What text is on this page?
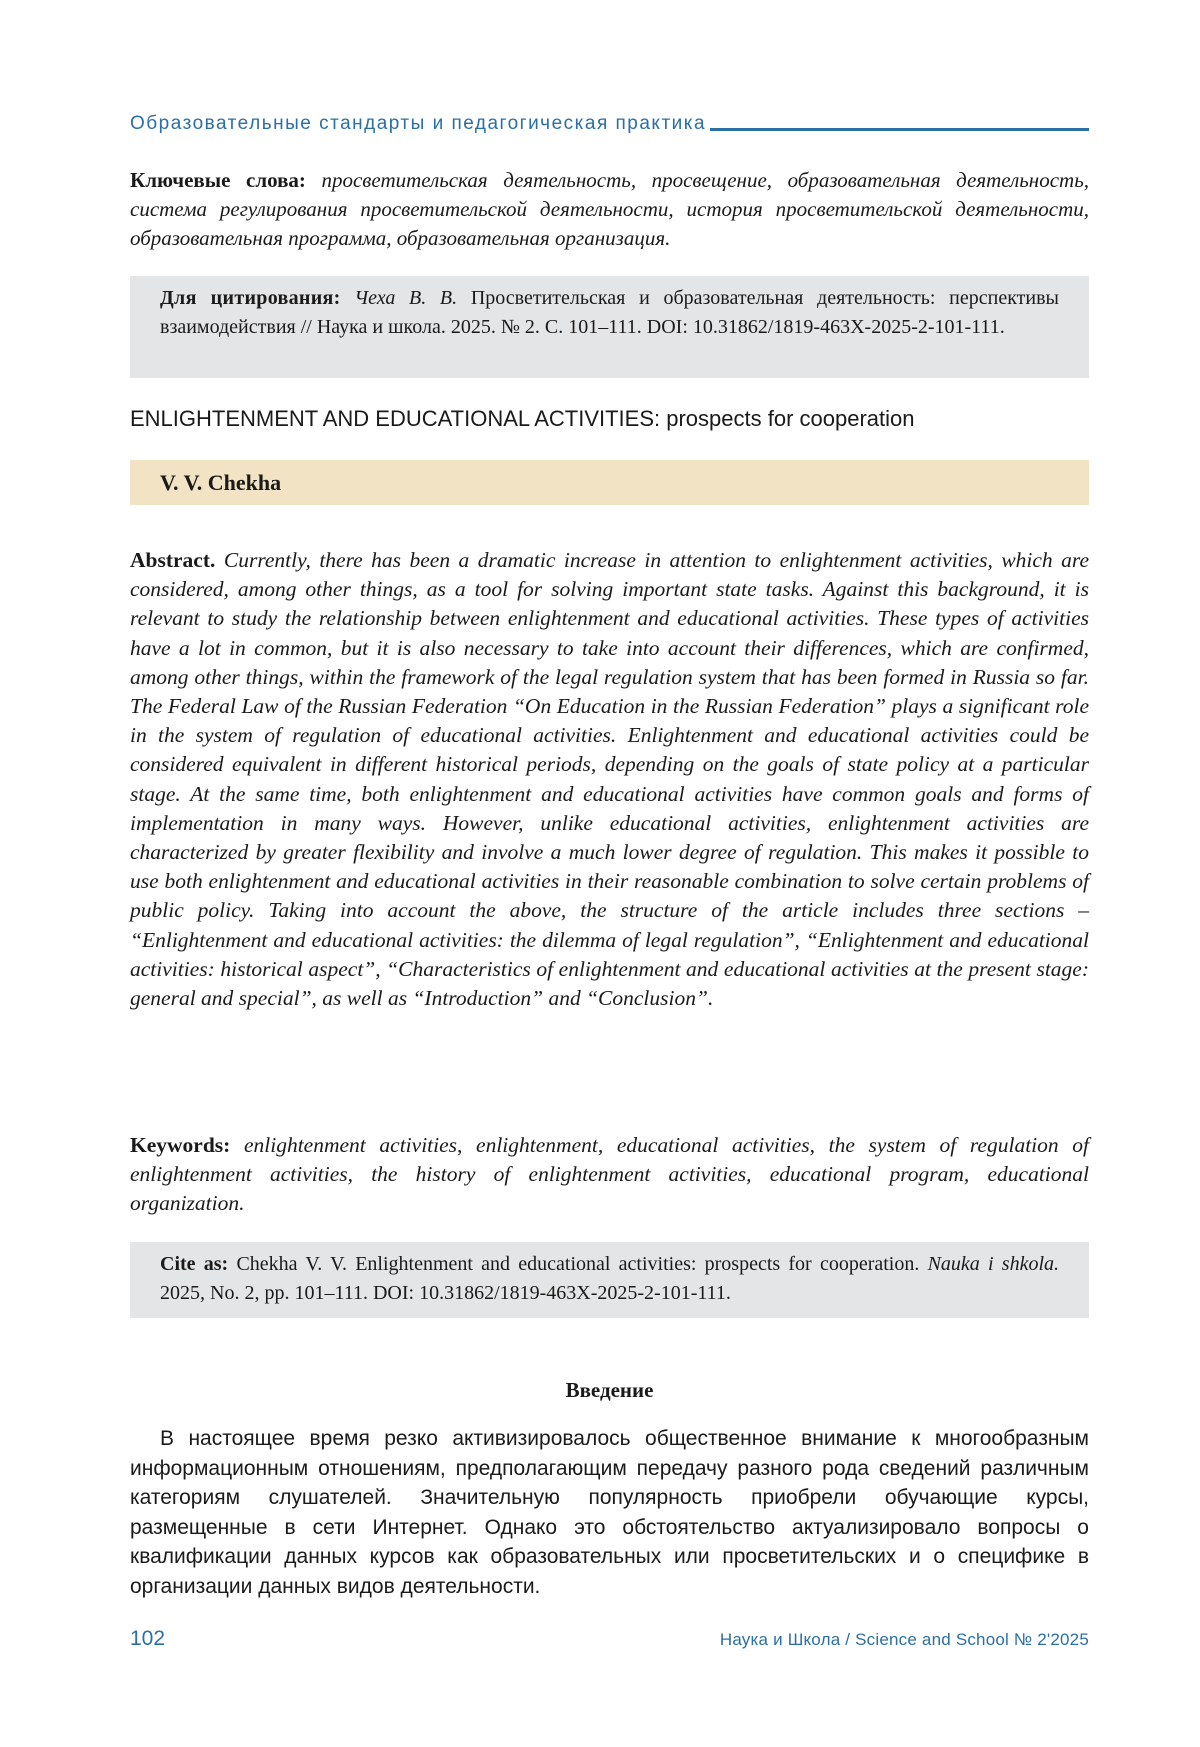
Образовательные стандарты и педагогическая практика
Ключевые слова: просветительская деятельность, просвещение, образовательная деятельность, система регулирования просветительской деятельности, история просветительской деятельности, образовательная программа, образовательная организация.
Для цитирования: Чеха В. В. Просветительская и образовательная деятельность: перспективы взаимодействия // Наука и школа. 2025. № 2. С. 101–111. DOI: 10.31862/1819-463X-2025-2-101-111.
ENLIGHTENMENT AND EDUCATIONAL ACTIVITIES: prospects for cooperation
V. V. Chekha
Abstract. Currently, there has been a dramatic increase in attention to enlightenment activities, which are considered, among other things, as a tool for solving important state tasks. Against this background, it is relevant to study the relationship between enlightenment and educational activities. These types of activities have a lot in common, but it is also necessary to take into account their differences, which are confirmed, among other things, within the framework of the legal regulation system that has been formed in Russia so far. The Federal Law of the Russian Federation “On Education in the Russian Federation” plays a significant role in the system of regulation of educational activities. Enlightenment and educational activities could be considered equivalent in different historical periods, depending on the goals of state policy at a particular stage. At the same time, both enlightenment and educational activities have common goals and forms of implementation in many ways. However, unlike educational activities, enlightenment activities are characterized by greater flexibility and involve a much lower degree of regulation. This makes it possible to use both enlightenment and educational activities in their reasonable combination to solve certain problems of public policy. Taking into account the above, the structure of the article includes three sections – “Enlightenment and educational activities: the dilemma of legal regulation”, “Enlightenment and educational activities: historical aspect”, “Characteristics of enlightenment and educational activities at the present stage: general and special”, as well as “Introduction” and “Conclusion”.
Keywords: enlightenment activities, enlightenment, educational activities, the system of regulation of enlightenment activities, the history of enlightenment activities, educational program, educational organization.
Cite as: Chekha V. V. Enlightenment and educational activities: prospects for cooperation. Nauka i shkola. 2025, No. 2, pp. 101–111. DOI: 10.31862/1819-463X-2025-2-101-111.
Введение
В настоящее время резко активизировалось общественное внимание к многообразным информационным отношениям, предполагающим передачу разного рода сведений различным категориям слушателей. Значительную популярность приобрели обучающие курсы, размещенные в сети Интернет. Однако это обстоятельство актуализировало вопросы о квалификации данных курсов как образовательных или просветительских и о специфике в организации данных видов деятельности.
102	Наука и Школа / Science and School № 2'2025
